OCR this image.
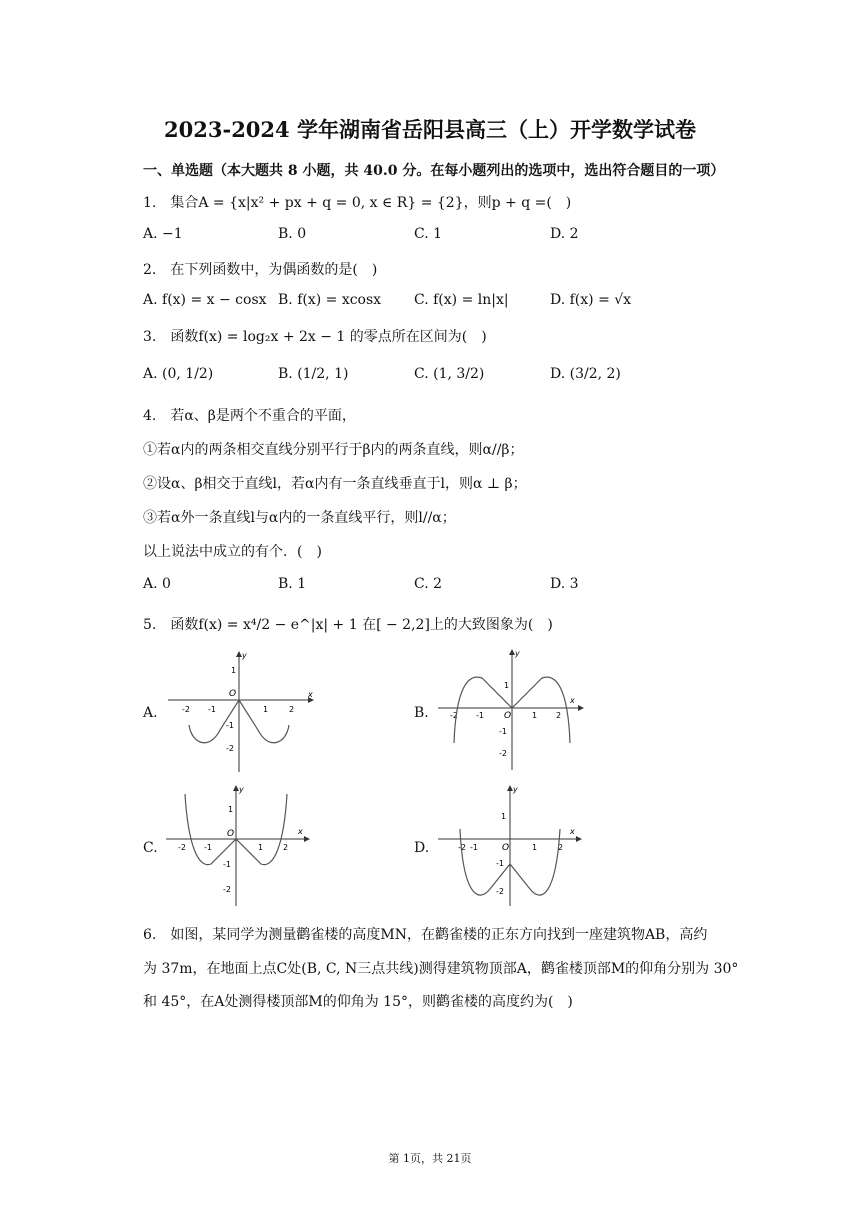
2023-2024 学年湖南省岳阳县高三（上）开学数学试卷
一、单选题（本大题共 8 小题，共 40.0 分。在每小题列出的选项中，选出符合题目的一项）
1.　集合A = {x|x² + px + q = 0, x ∈ R} = {2}，则p + q =(　)
A. −1	B. 0	C. 1	D. 2
2.　在下列函数中，为偶函数的是(　)
A. f(x) = x − cosx B. f(x) = xcosx C. f(x) = ln|x|	D. f(x) = √x
3.　函数f(x) = log₂x + 2x − 1 的零点所在区间为(　)
A. (0, 1/2)	B. (1/2, 1)	C. (1, 3/2)	D. (3/2, 2)
4.　若α、β是两个不重合的平面，
①若α内的两条相交直线分别平行于β内的两条直线，则α//β；
②设α、β相交于直线l，若α内有一条直线垂直于l，则α ⊥ β；
③若α外一条直线l与α内的一条直线平行，则l//α；
以上说法中成立的有个．(　)
A. 0	B. 1	C. 2	D. 3
5.　函数f(x) = x⁴/2 − e^|x| + 1 在[ − 2,2]上的大致图象为(　)
A.	B.
C.	D.
x
y
O
-2 -1	1	2
1
-1
-2
x
y
O
-2 -1	1 2
1
-1
-2
x
y
O
-2 -1	1 2
1
-1
-2
x
y
O
-2 -1	1	2
1
-1
-2
6.　如图，某同学为测量鹳雀楼的高度MN，在鹳雀楼的正东方向找到一座建筑物AB，高约
为 37m，在地面上点C处(B, C, N三点共线)测得建筑物顶部A，鹳雀楼顶部M的仰角分别为 30°
和 45°，在A处测得楼顶部M的仰角为 15°，则鹳雀楼的高度约为(　)
第 1页，共 21页
